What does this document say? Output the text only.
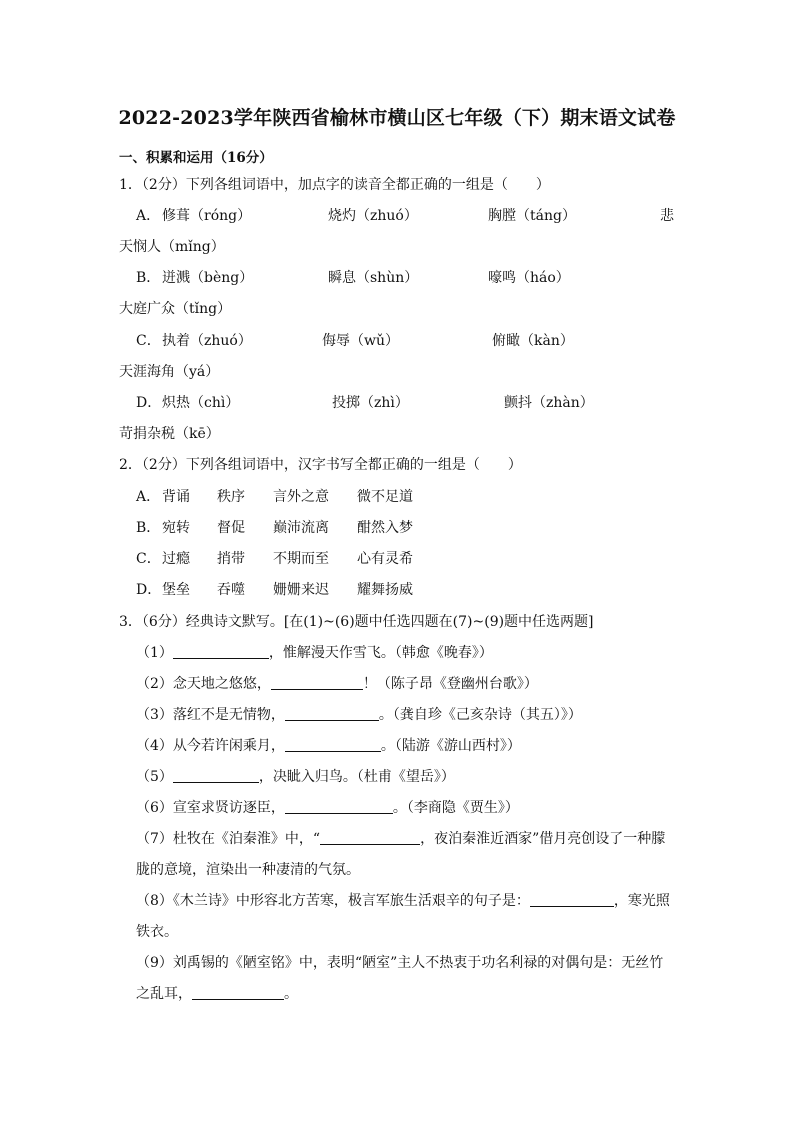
2022-2023学年陕西省榆林市横山区七年级（下）期末语文试卷
一、积累和运用（16分）
1．（2分）下列各组词语中，加点字的读音全都正确的一组是（　　）
A． 修葺（róng）	烧灼（zhuó）	胸膛（táng）	悲
天悯人（mǐng）
B． 迸溅（bèng）	瞬息（shùn）	嚎鸣（háo）
大庭广众（tǐng）
C． 执着（zhuó）	侮辱（wǔ）	俯瞰（kàn）
天涯海角（yá）
D． 炽热（chì）	投掷（zhì）	颤抖（zhàn）
苛捐杂税（kē）
2．（2分）下列各组词语中，汉字书写全都正确的一组是（　　）
A． 背诵 秩序 言外之意 微不足道
B． 宛转 督促 巅沛流离 酣然入梦
C． 过瘾 捎带 不期而至 心有灵希
D． 堡垒 吞噬 姗姗来迟 耀舞扬威
3．（6分）经典诗文默写。[在(1)~(6)题中任选四题在(7)~(9)题中任选两题]
（1）	，惟解漫天作雪飞。（韩愈《晚春》）
（2）念天地之悠悠，	！（陈子昂《登幽州台歌》）
（3）落红不是无情物，	。（龚自珍《己亥杂诗（其五）》）
（4）从今若许闲乘月，	。（陆游《游山西村》）
（5）	，决眦入归鸟。（杜甫《望岳》）
（6）宣室求贤访逐臣，	。（李商隐《贾生》）
（7）杜牧在《泊秦淮》中，“	，夜泊秦淮近酒家”借月亮创设了一种朦
胧的意境，渲染出一种凄清的气氛。
（8）《木兰诗》中形容北方苦寒，极言军旅生活艰辛的句子是：	，寒光照
铁衣。
（9）刘禹锡的《陋室铭》中，表明“陋室”主人不热衷于功名利禄的对偶句是：无丝竹
之乱耳，	。
